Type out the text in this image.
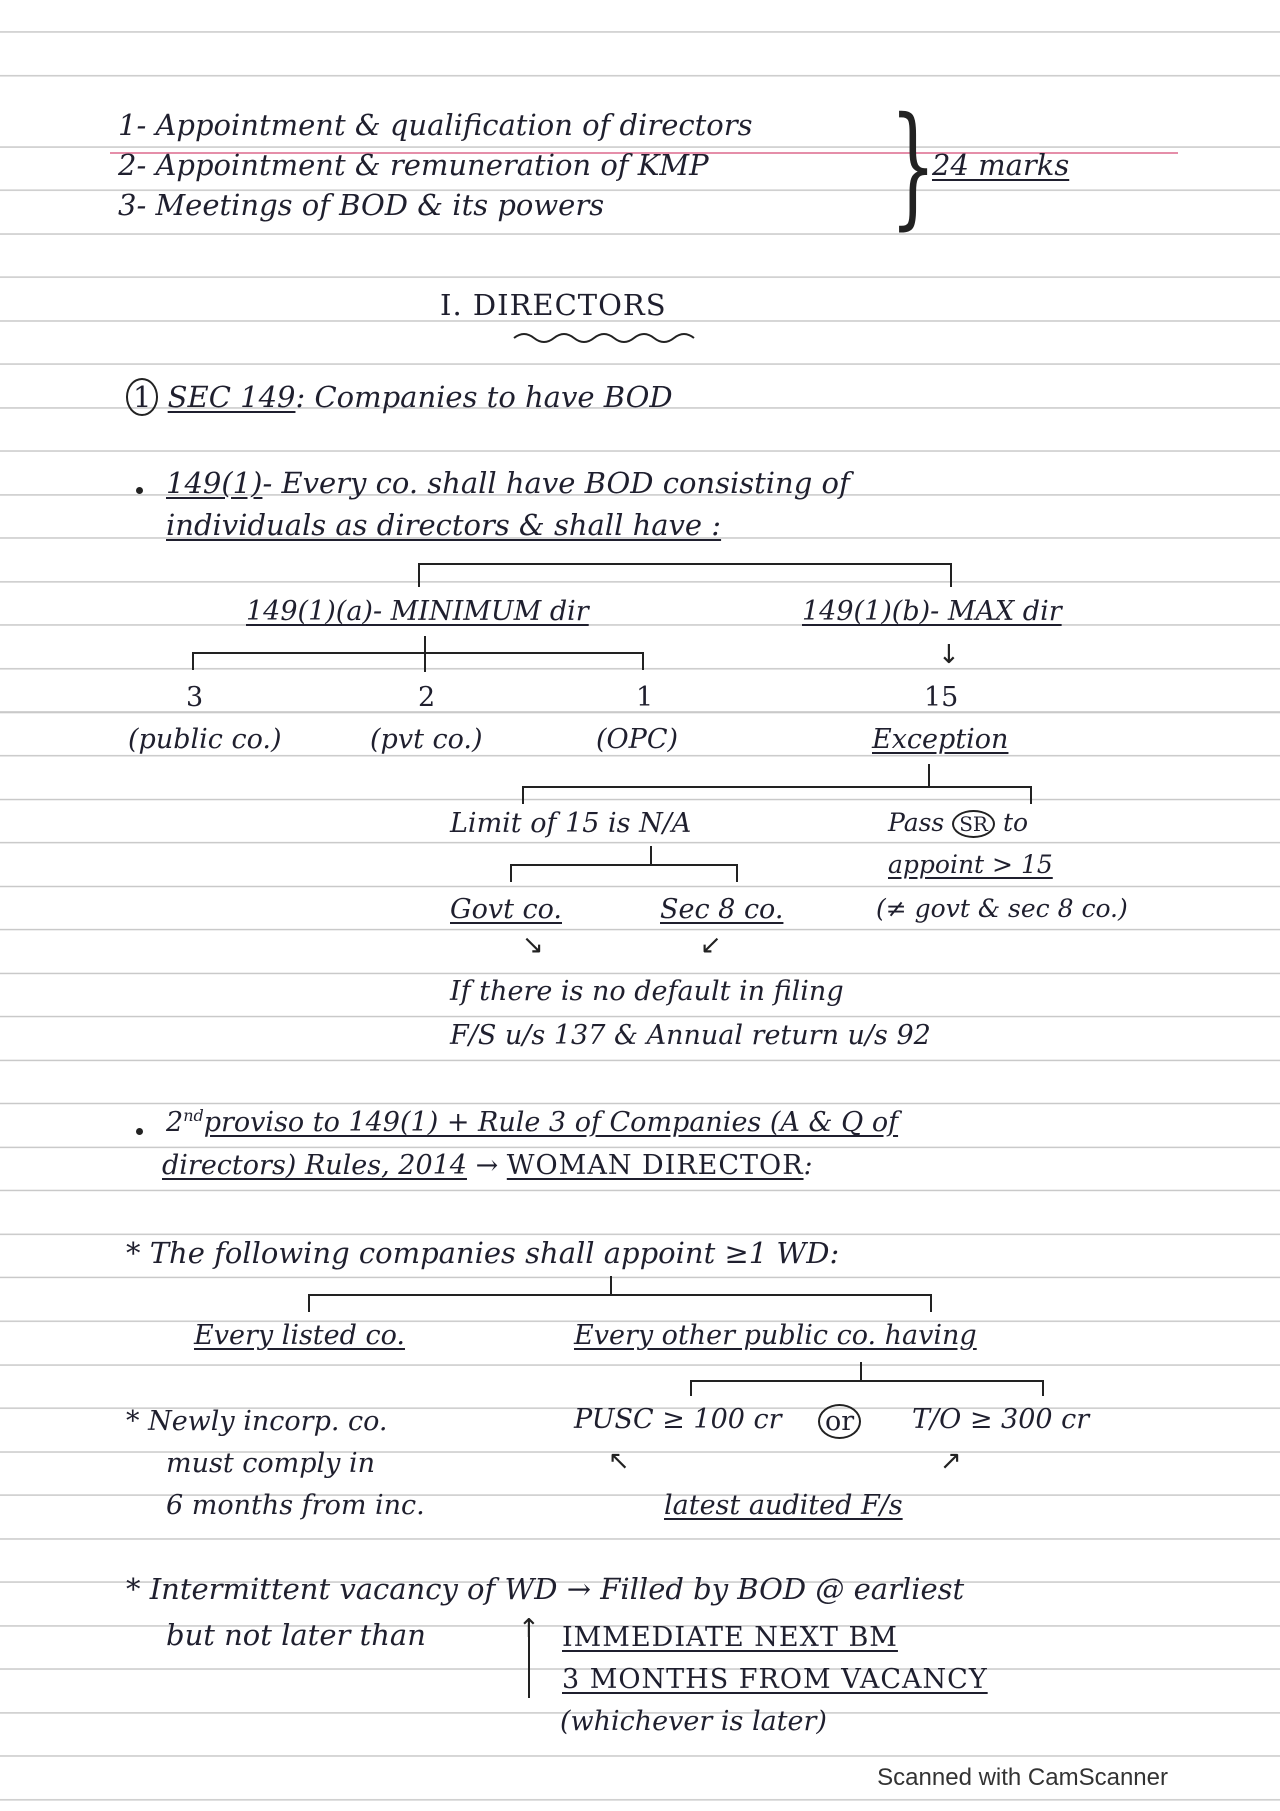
1- Appointment & qualification of directors
2- Appointment & remuneration of KMP
3- Meetings of BOD & its powers }
24 marks
I. DIRECTORS
1 SEC 149: Companies to have BOD
149(1)- Every co. shall have BOD consisting of
individuals as directors & shall have :
149(1)(a)- MINIMUM dir	149(1)(b)- MAX dir
3	2	1
(public co.)	(pvt co.)	(OPC)
↓
15
Exception
Limit of 15 is N/A	Pass SR to
appoint > 15
(≠ govt & sec 8 co.)
Govt co.	Sec 8 co.
↘	↙
If there is no default in filing
F/S u/s 137 & Annual return u/s 92
2ndproviso to 149(1) + Rule 3 of Companies (A & Q of
directors) Rules, 2014 → WOMAN DIRECTOR:
* The following companies shall appoint ≥1 WD:
Every listed co.	Every other public co. having
* Newly incorp. co.
must comply in
6 months from inc.
PUSC ≥ 100 cr or T/O ≥ 300 cr
↖	↗
latest audited F/s
* Intermittent vacancy of WD → Filled by BOD @ earliest
but not later than	↑ IMMEDIATE NEXT BM
3 MONTHS FROM VACANCY
(whichever is later)
Scanned with CamScanner
